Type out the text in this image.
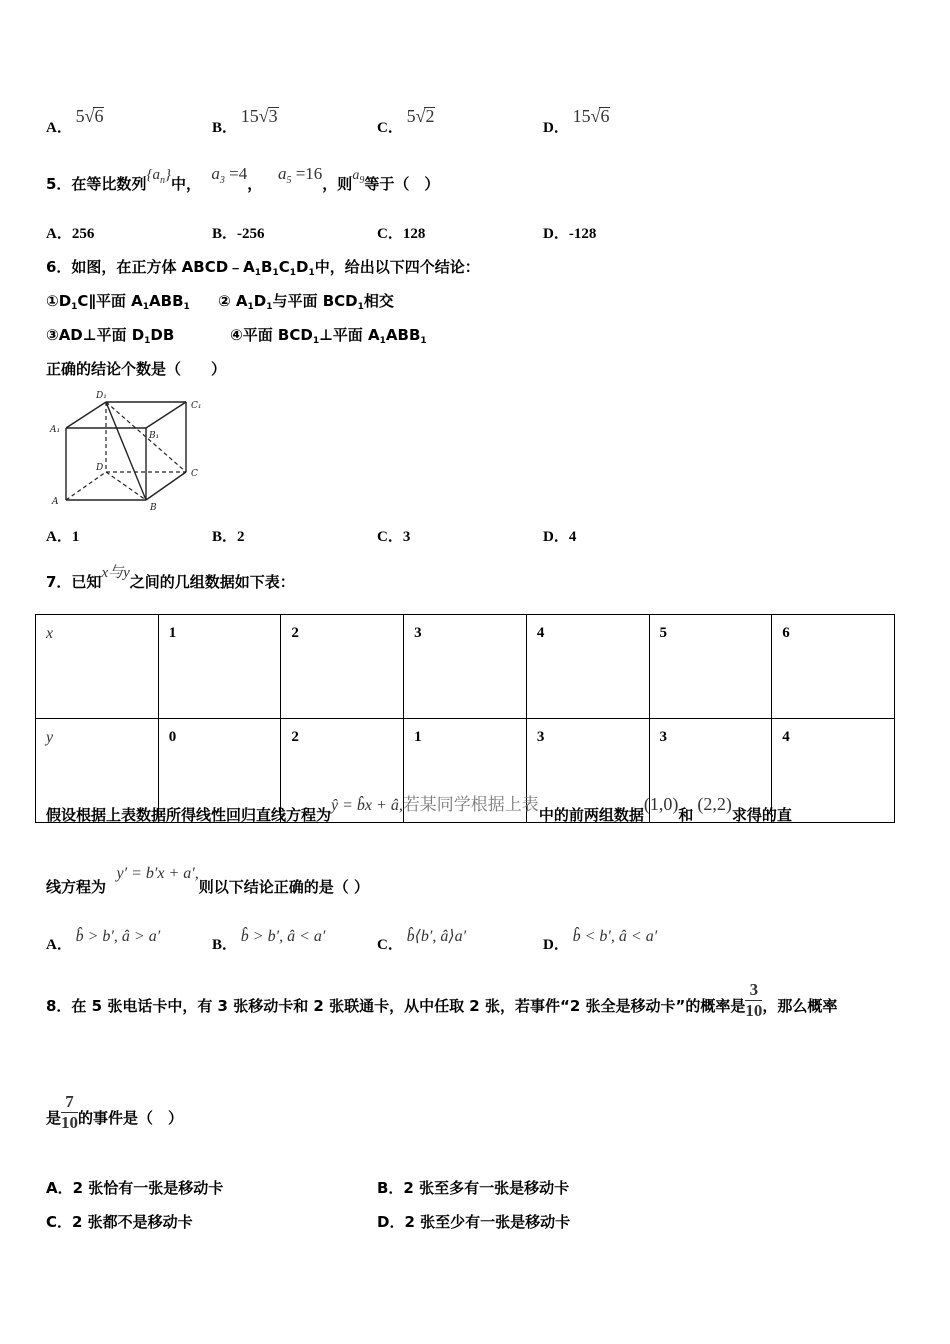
A． 5√6
B． 15√3
C． 5√2
D． 15√6
5．在等比数列$\{a_n\}$中，  $a_3 =4$，   $a_5 =16$，则$a_9$等于（　）
A．256	B．-256	C．128	D．-128
6．如图，在正方体 $ABCD﹣A_1B_1C_1D_1$中，给出以下四个结论：
$①D_1C\parallel$平面 $A_1ABB_1$ ② $A_1D_1$与平面 $BCD_1$相交
③AD⊥平面 $D_1DB$	④平面 $BCD_1\perp$平面 $A_1ABB_1$
正确的结论个数是（　　）
D₁
C₁
A₁
B₁
D
C
A
B
A．1	B．2	C．3	D．4
7．已知x与y之间的几组数据如下表：
x	1	2	3	4	5	6
y	0	2	1	3	3	4
假设根据上表数据所得线性回归直线方程为ŷ = b̂x + â,若某同学根据上表中的前两组数据(1,0)和(2,2)求得的直
线方程为  y′ = b′x + a′,则以下结论正确的是（ ）
A． b̂ > b′, â > a′	B． b̂ > b′, â < a′	C． b̂⟨b′, â⟩a′	D． b̂ < b′, â < a′
8．在 5 张电话卡中，有 3 张移动卡和 2 张联通卡，从中任取 2 张，若事件“2 张全是移动卡”的概率是 $\frac{3}{10}$ ，那么概率
是 $\frac{7}{10}$ 的事件是（　）
A．2 张恰有一张是移动卡	B．2 张至多有一张是移动卡
C．2 张都不是移动卡	D．2 张至少有一张是移动卡
